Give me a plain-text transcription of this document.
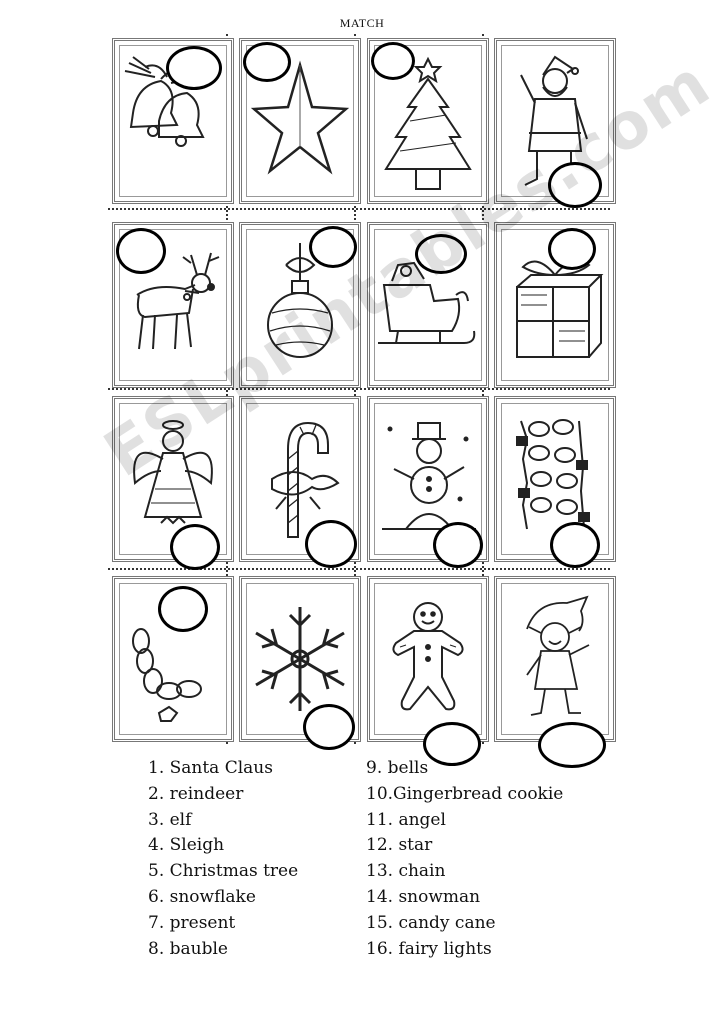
MATCH
1. Santa Claus
2. reindeer
3. elf
4. Sleigh
5. Christmas tree
6. snowflake
7. present
8. bauble
9. bells
10.Gingerbread cookie
11. angel
12. star
13. chain
14. snowman
15. candy cane
16. fairy lights
